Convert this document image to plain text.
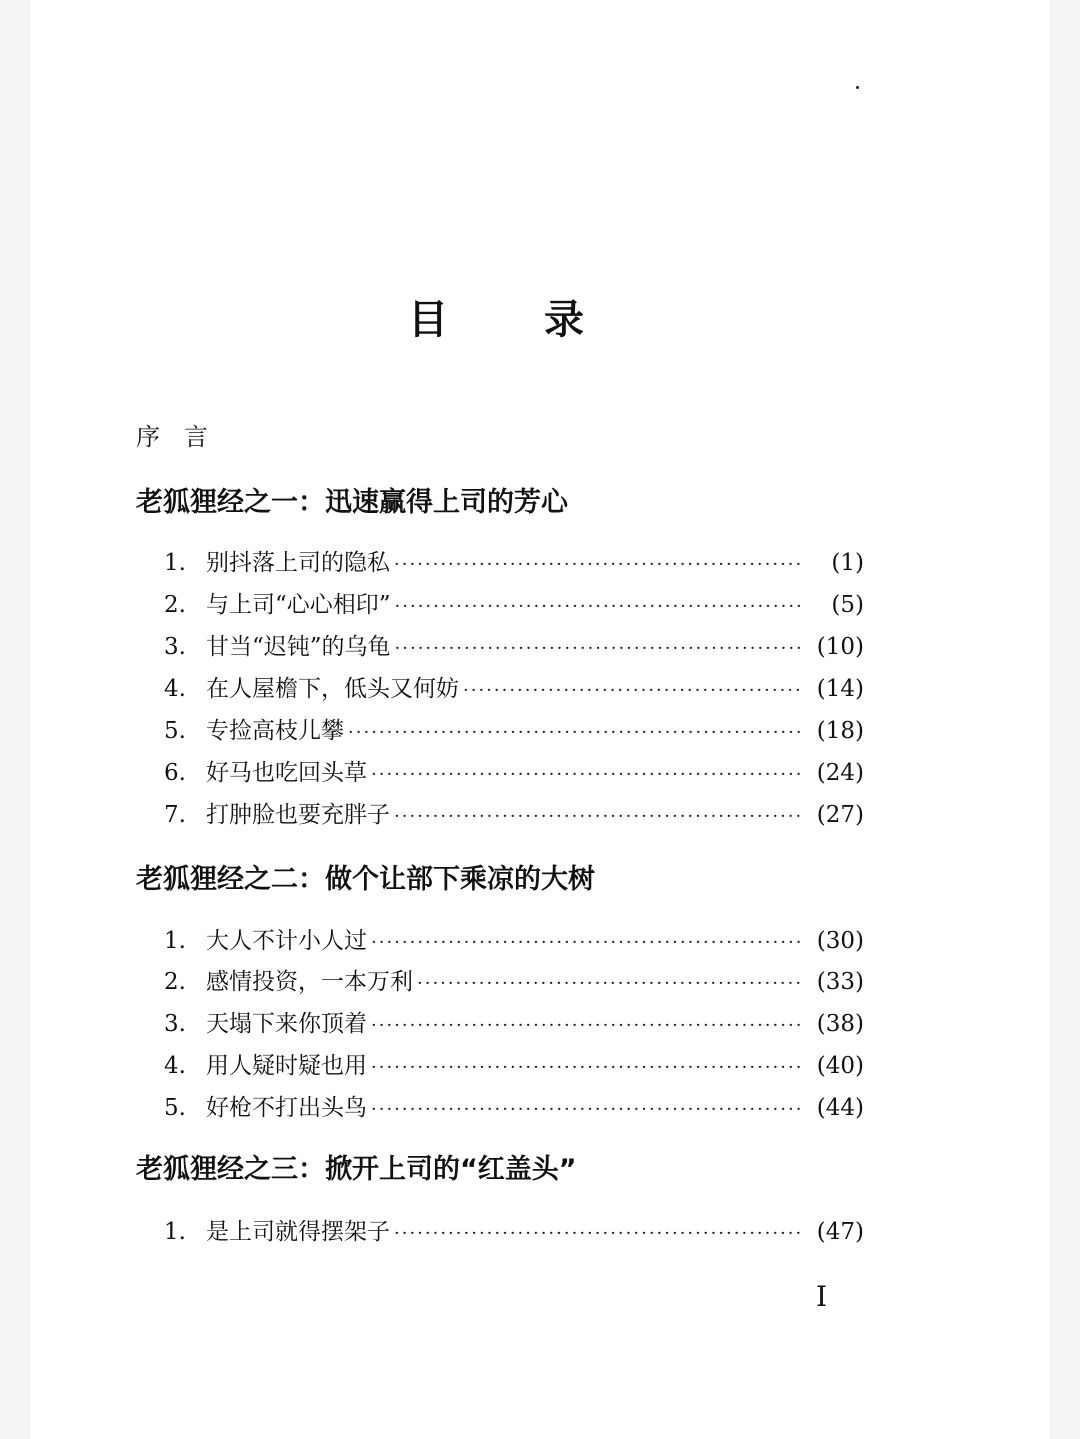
目 录
序言
老狐狸经之一：迅速赢得上司的芳心
1. 别抖落上司的隐私 ·····	(1)
2. 与上司“心心相印” ·····	(5)
3. 甘当“迟钝”的乌龟 ·····	(10)
4. 在人屋檐下，低头又何妨 ·····	(14)
5. 专捡高枝儿攀 ·····	(18)
6. 好马也吃回头草 ·····	(24)
7. 打肿脸也要充胖子 ·····	(27)
老狐狸经之二：做个让部下乘凉的大树
1. 大人不计小人过 ·····	(30)
2. 感情投资，一本万利 ·····	(33)
3. 天塌下来你顶着 ·····	(38)
4. 用人疑时疑也用 ·····	(40)
5. 好枪不打出头鸟 ·····	(44)
老狐狸经之三：掀开上司的“红盖头”
1. 是上司就得摆架子 ·····	(47)
I
